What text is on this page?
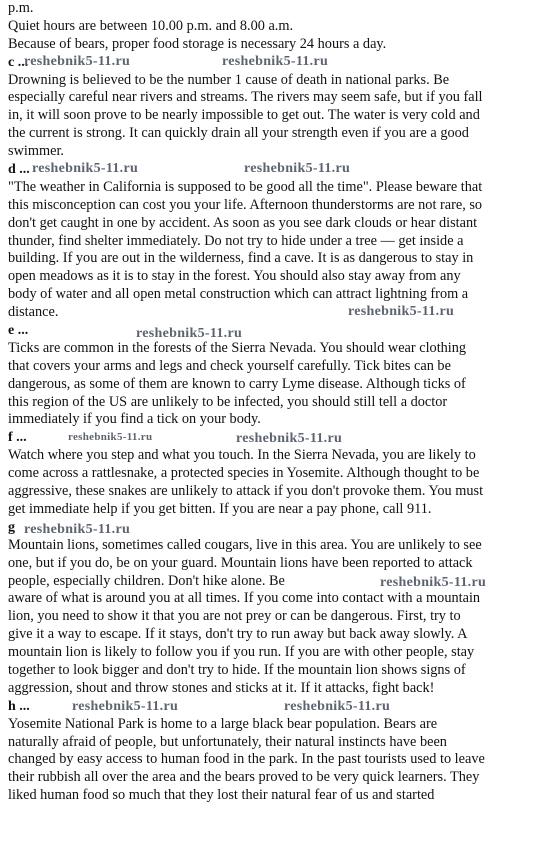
p.m.
Quiet hours are between 10.00 p.m. and 8.00 a.m.
Because of bears, proper food storage is necessary 24 hours a day.
c ...
Drowning is believed to be the number 1 cause of death in national parks. Be
especially careful near rivers and streams. The rivers may seem safe, but if you fall
in, it will soon prove to be nearly impossible to get out. The water is very cold and
the current is strong. It can quickly drain all your strength even if you are a good
swimmer.
d ...
"The weather in California is supposed to be good all the time". Please beware that
this misconception can cost you your life. Afternoon thunderstorms are not rare, so
don't get caught in one by accident. As soon as you see dark clouds or hear distant
thunder, find shelter immediately. Do not try to hide under a tree — get inside a
building. If you are out in the wilderness, find a cave. It is as dangerous to stay in
open meadows as it is to stay in the forest. You should also stay away from any
body of water and all open metal construction which can attract lightning from a
distance.
e ...
Ticks are common in the forests of the Sierra Nevada. You should wear clothing
that covers your arms and legs and check yourself carefully. Tick bites can be
dangerous, as some of them are known to carry Lyme disease. Although ticks of
this region of the US are unlikely to be infected, you should still tell a doctor
immediately if you find a tick on your body.
f ...
Watch where you step and what you touch. In the Sierra Nevada, you are likely to
come across a rattlesnake, a protected species in Yosemite. Although thought to be
aggressive, these snakes are unlikely to attack if you don't provoke them. You must
get immediate help if you get bitten. If you are near a pay phone, call 911.
g
Mountain lions, sometimes called cougars, live in this area. You are unlikely to see
one, but if you do, be on your guard. Mountain lions have been reported to attack
people, especially children. Don't hike alone. Be
aware of what is around you at all times. If you come into contact with a mountain
lion, you need to show it that you are not prey or can be dangerous. First, try to
give it a way to escape. If it stays, don't try to run away but back away slowly. A
mountain lion is likely to follow you if you run. If you are with other people, stay
together to look bigger and don't try to hide. If the mountain lion shows signs of
aggression, shout and throw stones and sticks at it. If it attacks, fight back!
h ...
Yosemite National Park is home to a large black bear population. Bears are
naturally afraid of people, but unfortunately, their natural instincts have been
changed by easy access to human food in the park. In the past tourists used to leave
their rubbish all over the area and the bears proved to be very quick learners. They
liked human food so much that they lost their natural fear of us and started
reshebnik5-11.ru	reshebnik5-11.ru
reshebnik5-11.ru	reshebnik5-11.ru
reshebnik5-11.ru
reshebnik5-11.ru
reshebnik5-11.ru	reshebnik5-11.ru
reshebnik5-11.ru
reshebnik5-11.ru
reshebnik5-11.ru	reshebnik5-11.ru
